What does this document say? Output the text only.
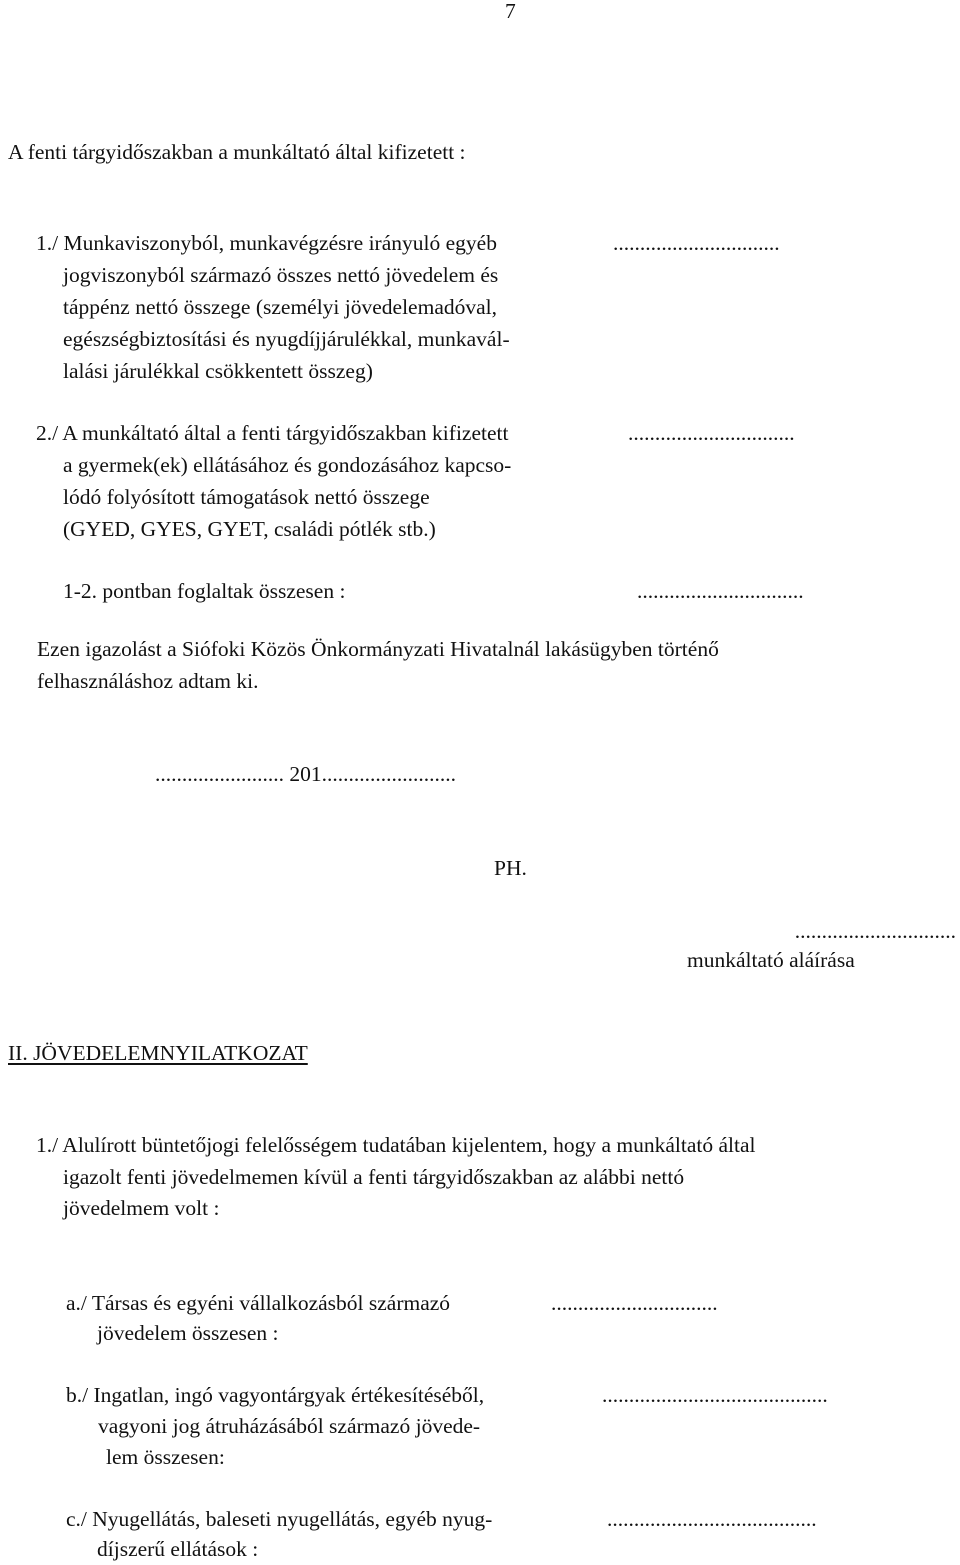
7
A fenti tárgyidőszakban a munkáltató által kifizetett :
1./ Munkaviszonyból, munkavégzésre irányuló egyéb	...............................
jogviszonyból származó összes nettó jövedelem és
táppénz nettó összege (személyi jövedelemadóval,
egészségbiztosítási és nyugdíjjárulékkal, munkavál-
lalási járulékkal csökkentett összeg)
2./ A munkáltató által a fenti tárgyidőszakban kifizetett	...............................
a gyermek(ek) ellátásához és gondozásához kapcso-
lódó folyósított támogatások nettó összege
(GYED, GYES, GYET, családi pótlék stb.)
1-2. pontban foglaltak összesen :	...............................
Ezen igazolást a Siófoki Közös Önkormányzati Hivatalnál lakásügyben történő
felhasználáshoz adtam ki.
........................ 201.........................
PH.
..............................
munkáltató aláírása
II. JÖVEDELEMNYILATKOZAT
1./ Alulírott büntetőjogi felelősségem tudatában kijelentem, hogy a munkáltató által
igazolt fenti jövedelmemen kívül a fenti tárgyidőszakban az alábbi nettó
jövedelmem volt :
a./ Társas és egyéni vállalkozásból származó	...............................
jövedelem összesen :
b./ Ingatlan, ingó vagyontárgyak értékesítéséből,	..........................................
vagyoni jog átruházásából származó jövede-
lem összesen:
c./ Nyugellátás, baleseti nyugellátás, egyéb nyug-	.......................................
díjszerű ellátások :
